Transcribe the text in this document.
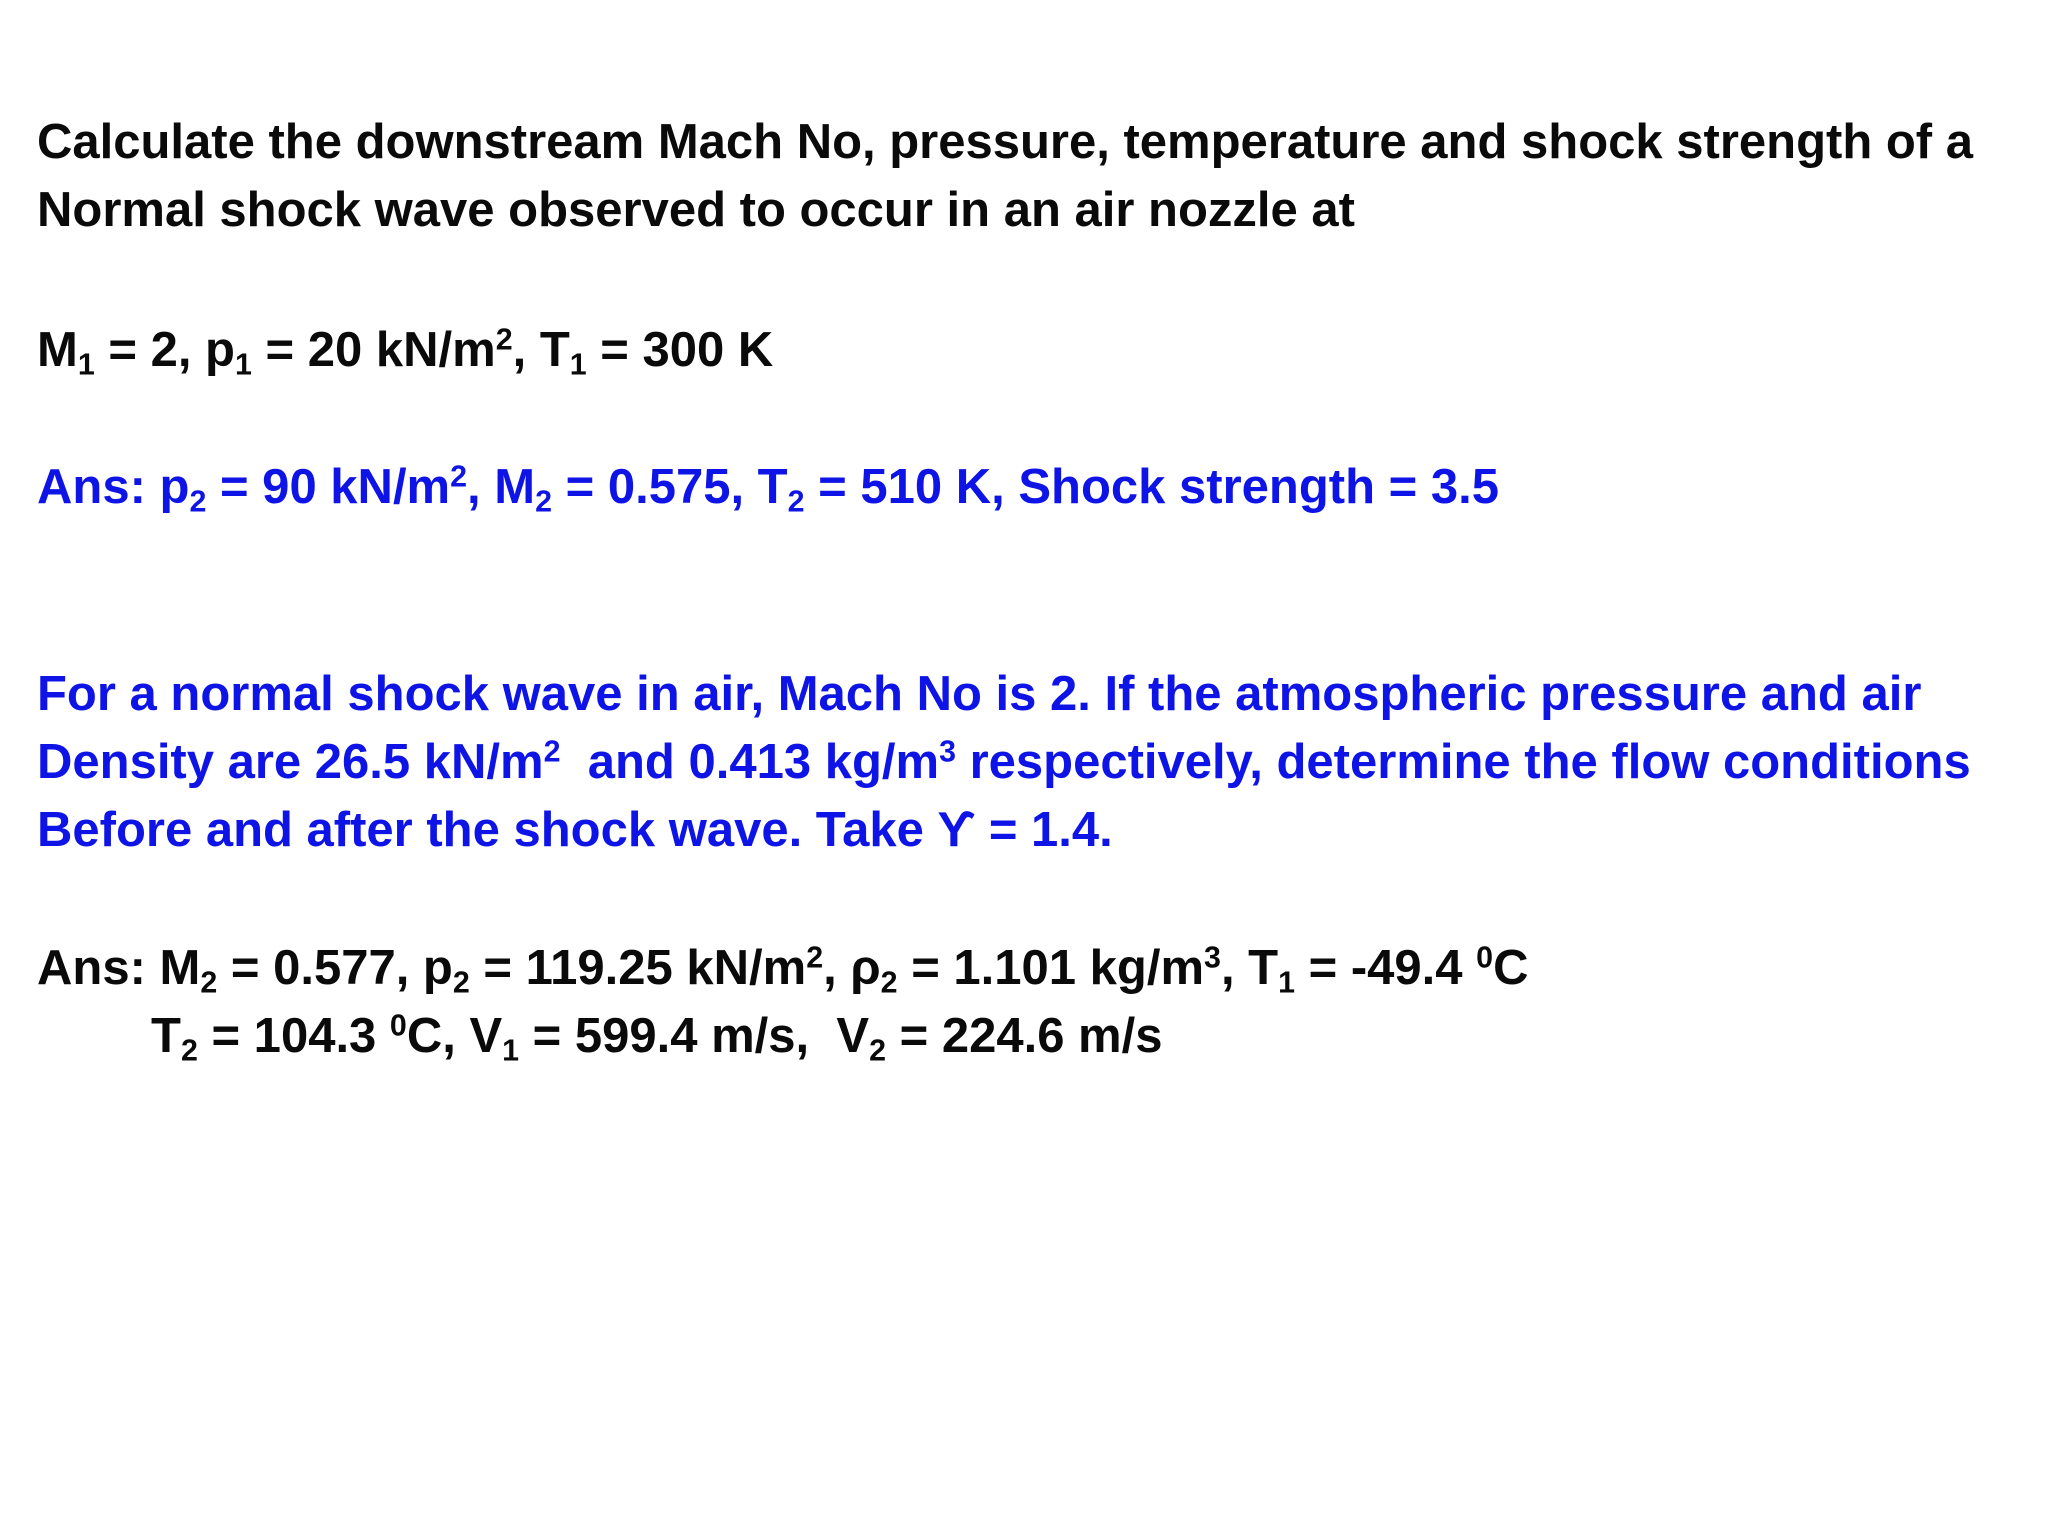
Calculate the downstream Mach No, pressure, temperature and shock strength of a
Normal shock wave observed to occur in an air nozzle at
$M_1 = 2$, $p_1 = 20$ $kN/m^2$, $T_1 = 300$ K
Ans: $p_2 = 90$ $kN/m^2$, $M_2 = 0.575$, $T_2 = 510$ K, Shock strength = 3.5
For a normal shock wave in air, Mach No is 2. If the atmospheric pressure and air
Density are 26.5 $kN/m^2$  and 0.413 $kg/m^3$ respectively, determine the flow conditions
Before and after the shock wave. Take ϒ = 1.4.
Ans: $M_2 = 0.577$, $p_2 = 119.25$ $kN/m^2$, $\rho_2 = 1.101$ $kg/m^3$, $T_1 = -49.4$ $^0$C
$T_2 = 104.3$ $^0$C, $V_1 = 599.4$ m/s,  $V_2 = 224.6$ m/s
